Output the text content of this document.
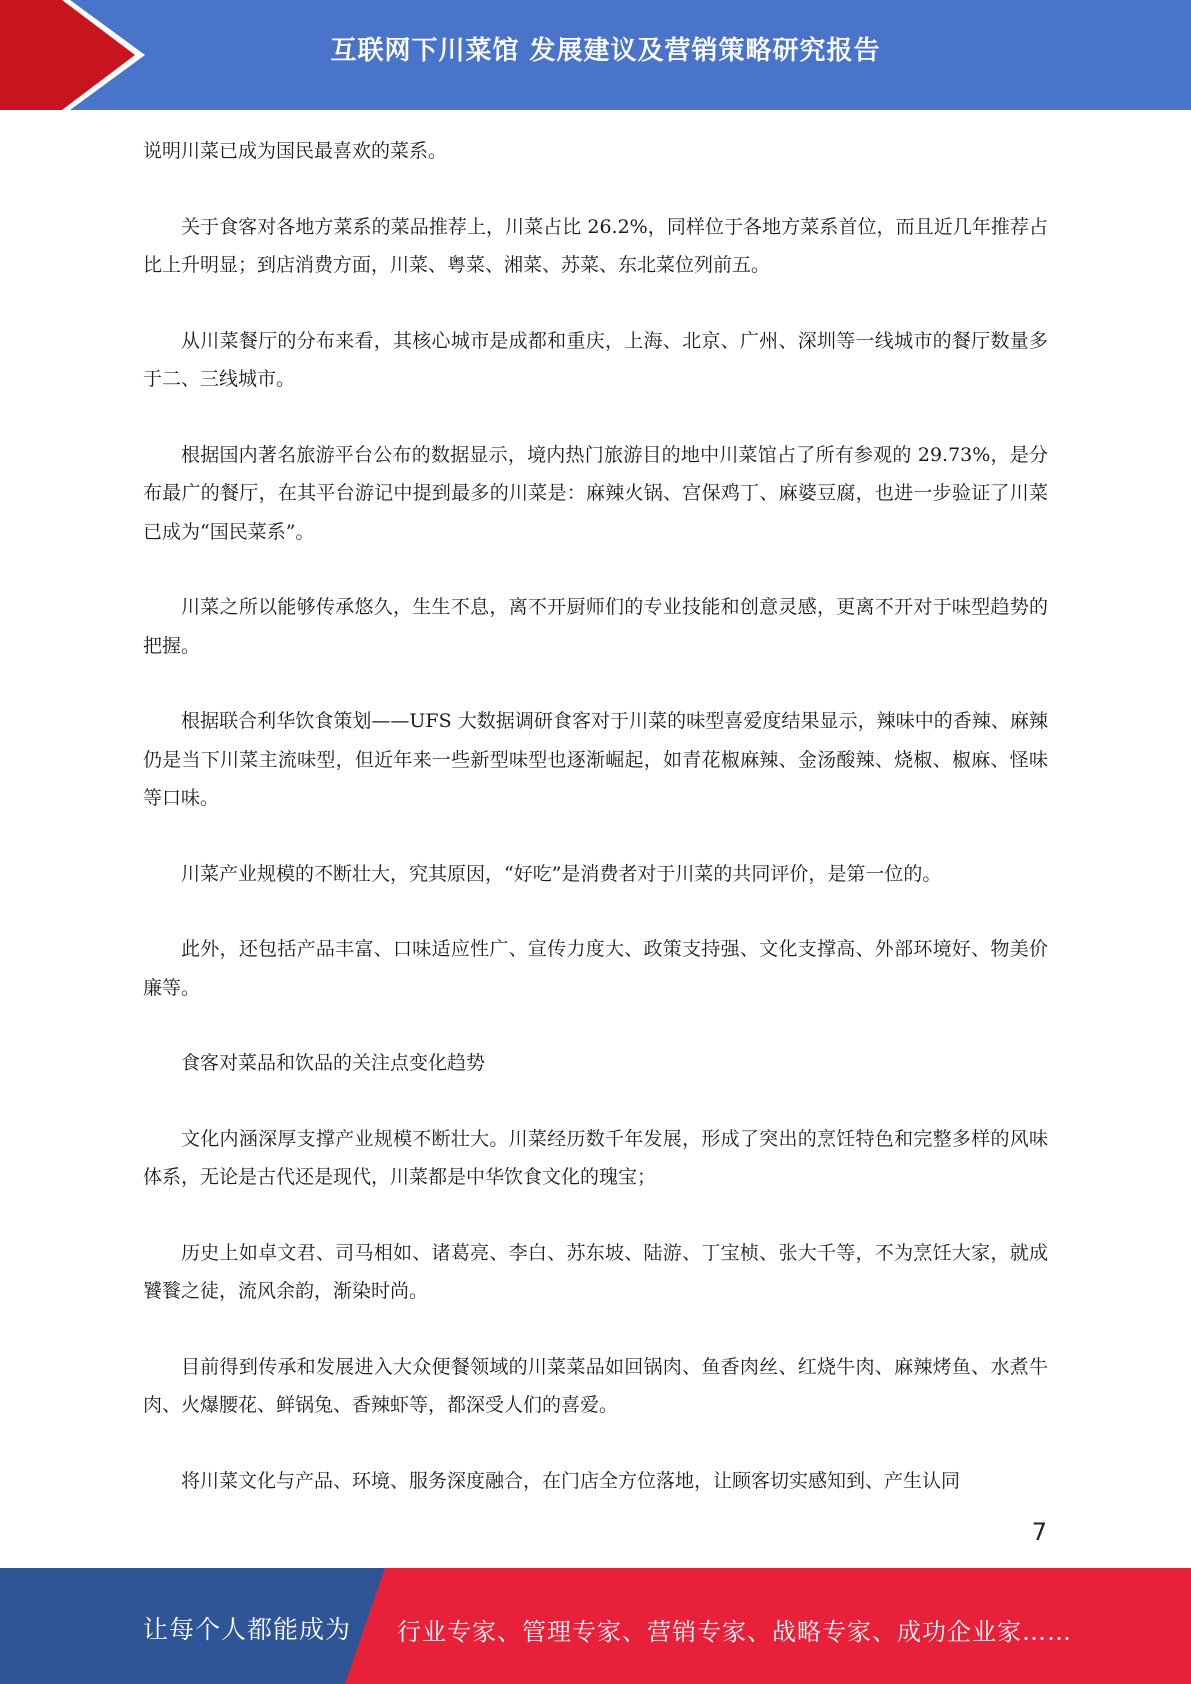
互联网下川菜馆 发展建议及营销策略研究报告

说明川菜已成为国民最喜欢的菜系。

关于食客对各地方菜系的菜品推荐上，川菜占比 26.2%，同样位于各地方菜系首位，而且近几年推荐占比上升明显；到店消费方面，川菜、粤菜、湘菜、苏菜、东北菜位列前五。

从川菜餐厅的分布来看，其核心城市是成都和重庆，上海、北京、广州、深圳等一线城市的餐厅数量多于二、三线城市。

根据国内著名旅游平台公布的数据显示，境内热门旅游目的地中川菜馆占了所有参观的 29.73%，是分布最广的餐厅，在其平台游记中提到最多的川菜是：麻辣火锅、宫保鸡丁、麻婆豆腐，也进一步验证了川菜已成为“国民菜系”。

川菜之所以能够传承悠久，生生不息，离不开厨师们的专业技能和创意灵感，更离不开对于味型趋势的把握。

根据联合利华饮食策划——UFS 大数据调研食客对于川菜的味型喜爱度结果显示，辣味中的香辣、麻辣仍是当下川菜主流味型，但近年来一些新型味型也逐渐崛起，如青花椒麻辣、金汤酸辣、烧椒、椒麻、怪味等口味。

川菜产业规模的不断壮大，究其原因，“好吃”是消费者对于川菜的共同评价，是第一位的。

此外，还包括产品丰富、口味适应性广、宣传力度大、政策支持强、文化支撑高、外部环境好、物美价廉等。

食客对菜品和饮品的关注点变化趋势

文化内涵深厚支撑产业规模不断壮大。川菜经历数千年发展，形成了突出的烹饪特色和完整多样的风味体系，无论是古代还是现代，川菜都是中华饮食文化的瑰宝；

历史上如卓文君、司马相如、诸葛亮、李白、苏东坡、陆游、丁宝桢、张大千等，不为烹饪大家，就成饕餮之徒，流风余韵，渐染时尚。

目前得到传承和发展进入大众便餐领域的川菜菜品如回锅肉、鱼香肉丝、红烧牛肉、麻辣烤鱼、水煮牛肉、火爆腰花、鲜锅兔、香辣虾等，都深受人们的喜爱。

将川菜文化与产品、环境、服务深度融合，在门店全方位落地，让顾客切实感知到、产生认同

7
让每个人都能成为 行业专家、管理专家、营销专家、战略专家、成功企业家……
